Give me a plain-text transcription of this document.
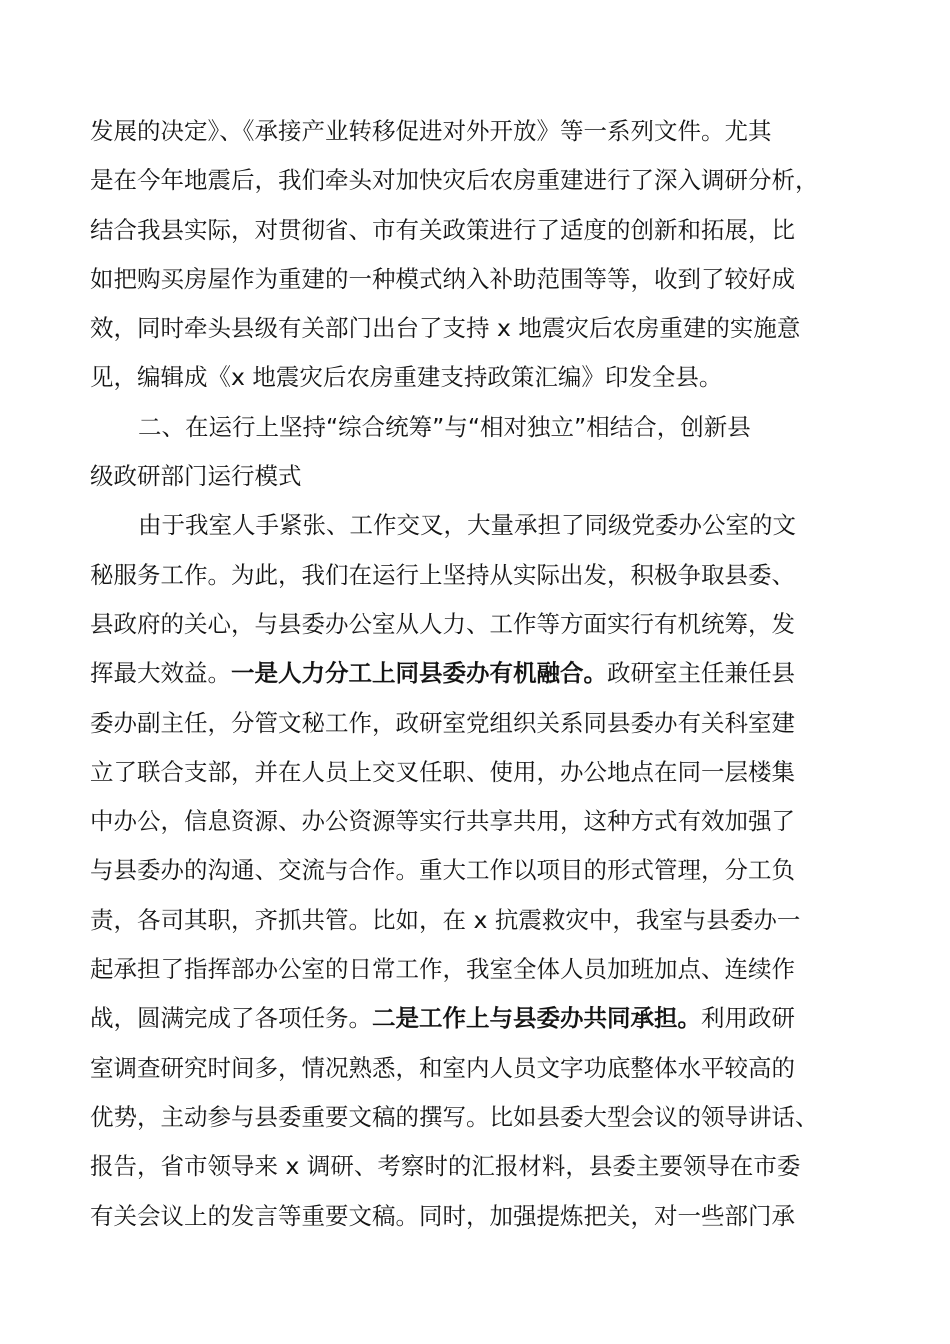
发展的决定》、《承接产业转移促进对外开放》等一系列文件。尤其
是在今年地震后，我们牵头对加快灾后农房重建进行了深入调研分析，
结合我县实际，对贯彻省、市有关政策进行了适度的创新和拓展，比
如把购买房屋作为重建的一种模式纳入补助范围等等，收到了较好成
效，同时牵头县级有关部门出台了支持 x 地震灾后农房重建的实施意
见，编辑成《x 地震灾后农房重建支持政策汇编》印发全县。
二、在运行上坚持“综合统筹”与“相对独立”相结合，创新县
级政研部门运行模式
由于我室人手紧张、工作交叉，大量承担了同级党委办公室的文
秘服务工作。为此，我们在运行上坚持从实际出发，积极争取县委、
县政府的关心，与县委办公室从人力、工作等方面实行有机统筹，发
挥最大效益。一是人力分工上同县委办有机融合。政研室主任兼任县
委办副主任，分管文秘工作，政研室党组织关系同县委办有关科室建
立了联合支部，并在人员上交叉任职、使用，办公地点在同一层楼集
中办公，信息资源、办公资源等实行共享共用，这种方式有效加强了
与县委办的沟通、交流与合作。重大工作以项目的形式管理，分工负
责，各司其职，齐抓共管。比如，在 x 抗震救灾中，我室与县委办一
起承担了指挥部办公室的日常工作，我室全体人员加班加点、连续作
战，圆满完成了各项任务。二是工作上与县委办共同承担。利用政研
室调查研究时间多，情况熟悉，和室内人员文字功底整体水平较高的
优势，主动参与县委重要文稿的撰写。比如县委大型会议的领导讲话、
报告，省市领导来 x 调研、考察时的汇报材料，县委主要领导在市委
有关会议上的发言等重要文稿。同时，加强提炼把关，对一些部门承
